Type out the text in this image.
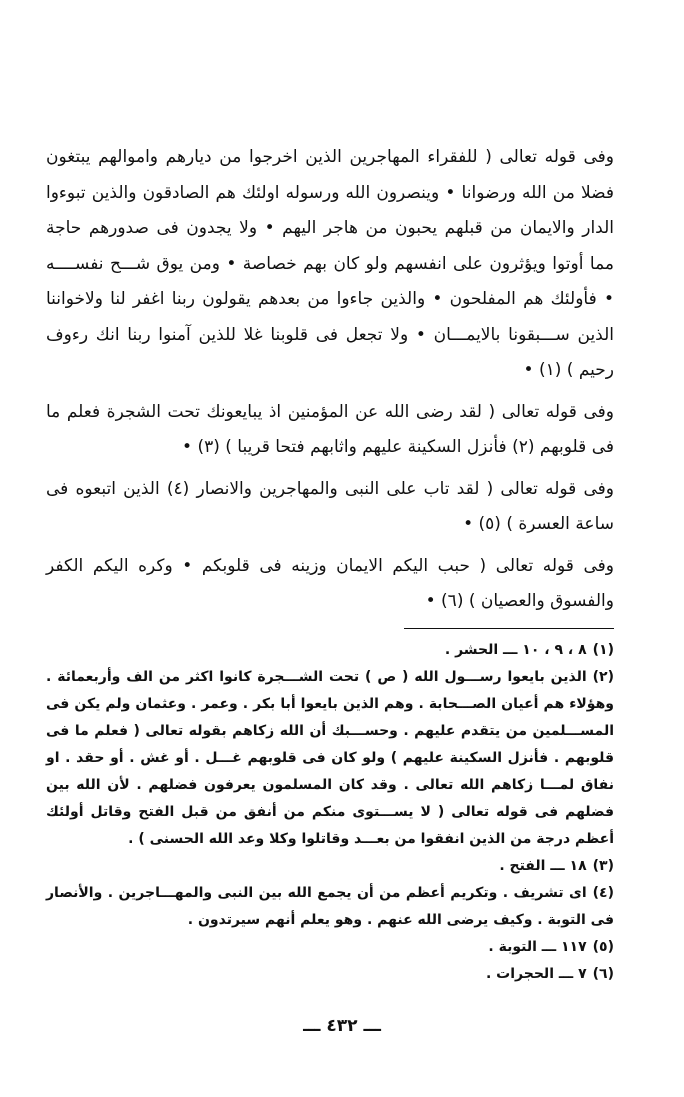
وفى قوله تعالى ( للفقراء المهاجرين الذين اخرجوا من ديارهم واموالهم يبتغون فضلا من الله ورضوانا • وينصرون الله ورسوله اولئك هم الصادقون والذين تبوءوا الدار والايمان من قبلهم يحبون من هاجر اليهم • ولا يجدون فى صدورهم حاجة مما أوتوا ويؤثرون على انفسهم ولو كان بهم خصاصة • ومن يوق شـــح نفســــه • فأولئك هم المفلحون • والذين جاءوا من بعدهم يقولون ربنا اغفر لنا ولاخواننا الذين ســـبقونا بالايمـــان • ولا تجعل فى قلوبنا غلا للذين آمنوا ربنا انك رءوف رحيم ) (١) •

وفى قوله تعالى ( لقد رضى الله عن المؤمنين اذ يبايعونك تحت الشجرة فعلم ما فى قلوبهم (٢) فأنزل السكينة عليهم واثابهم فتحا قريبا ) (٣) •

وفى قوله تعالى ( لقد تاب على النبى والمهاجرين والانصار (٤) الذين اتبعوه فى ساعة العسرة ) (٥) •

وفى قوله تعالى ( حبب اليكم الايمان وزينه فى قلوبكم • وكره اليكم الكفر والفسوق والعصيان ) (٦) •

(١)٨ ، ٩ ، ١٠ ـــ الحشر .

(٢)الذين بايعوا رســـول الله ( ص ) تحت الشـــجرة كانوا اكثر من الف وأربعمائة . وهؤلاء هم أعيان الصـــحابة . وهم الذين بايعوا أبا بكر . وعمر . وعثمان ولم يكن فى المســـلمين من يتقدم عليهم . وحســـبك أن الله زكاهم بقوله تعالى ( فعلم ما فى قلوبهم . فأنزل السكينة عليهم ) ولو كان فى قلوبهم غـــل . أو غش . أو حقد . او نفاق لمـــا زكاهم الله تعالى . وقد كان المسلمون يعرفون فضلهم . لأن الله بين فضلهم فى قوله تعالى ( لا يســـتوى منكم من أنفق من قبل الفتح وقاتل أولئك أعظم درجة من الذين انفقوا من بعـــد وقاتلوا وكلا وعد الله الحسنى ) .

(٣)١٨ ـــ الفتح .

(٤)اى تشريف . وتكريم أعظم من أن يجمع الله بين النبى والمهـــاجرين . والأنصار فى التوبة . وكيف يرضى الله عنهم . وهو يعلم أنهم سيرتدون .

(٥)١١٧ ـــ التوبة .

(٦)٧ ـــ الحجرات .

ـــ ٤٣٢ ـــ
